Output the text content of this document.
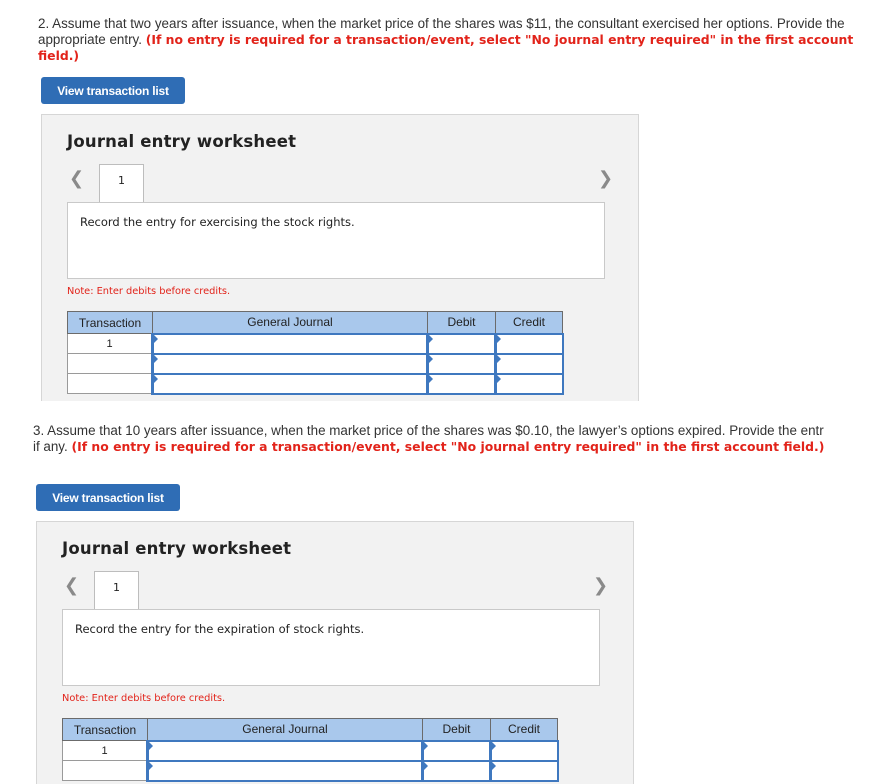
2. Assume that two years after issuance, when the market price of the shares was $11, the consultant exercised her options. Provide the appropriate entry. (If no entry is required for a transaction/event, select "No journal entry required" in the first account field.)
View transaction list
Journal entry worksheet
❮	1	❯
Record the entry for exercising the stock rights.
Note: Enter debits before credits.
Transaction	General Journal	Debit	Credit
1			

3. Assume that 10 years after issuance, when the market price of the shares was $0.10, the lawyer’s options expired. Provide the entr
if any. (If no entry is required for a transaction/event, select "No journal entry required" in the first account field.)
View transaction list
Journal entry worksheet
❮	1	❯
Record the entry for the expiration of stock rights.
Note: Enter debits before credits.
Transaction	General Journal	Debit	Credit
1			
